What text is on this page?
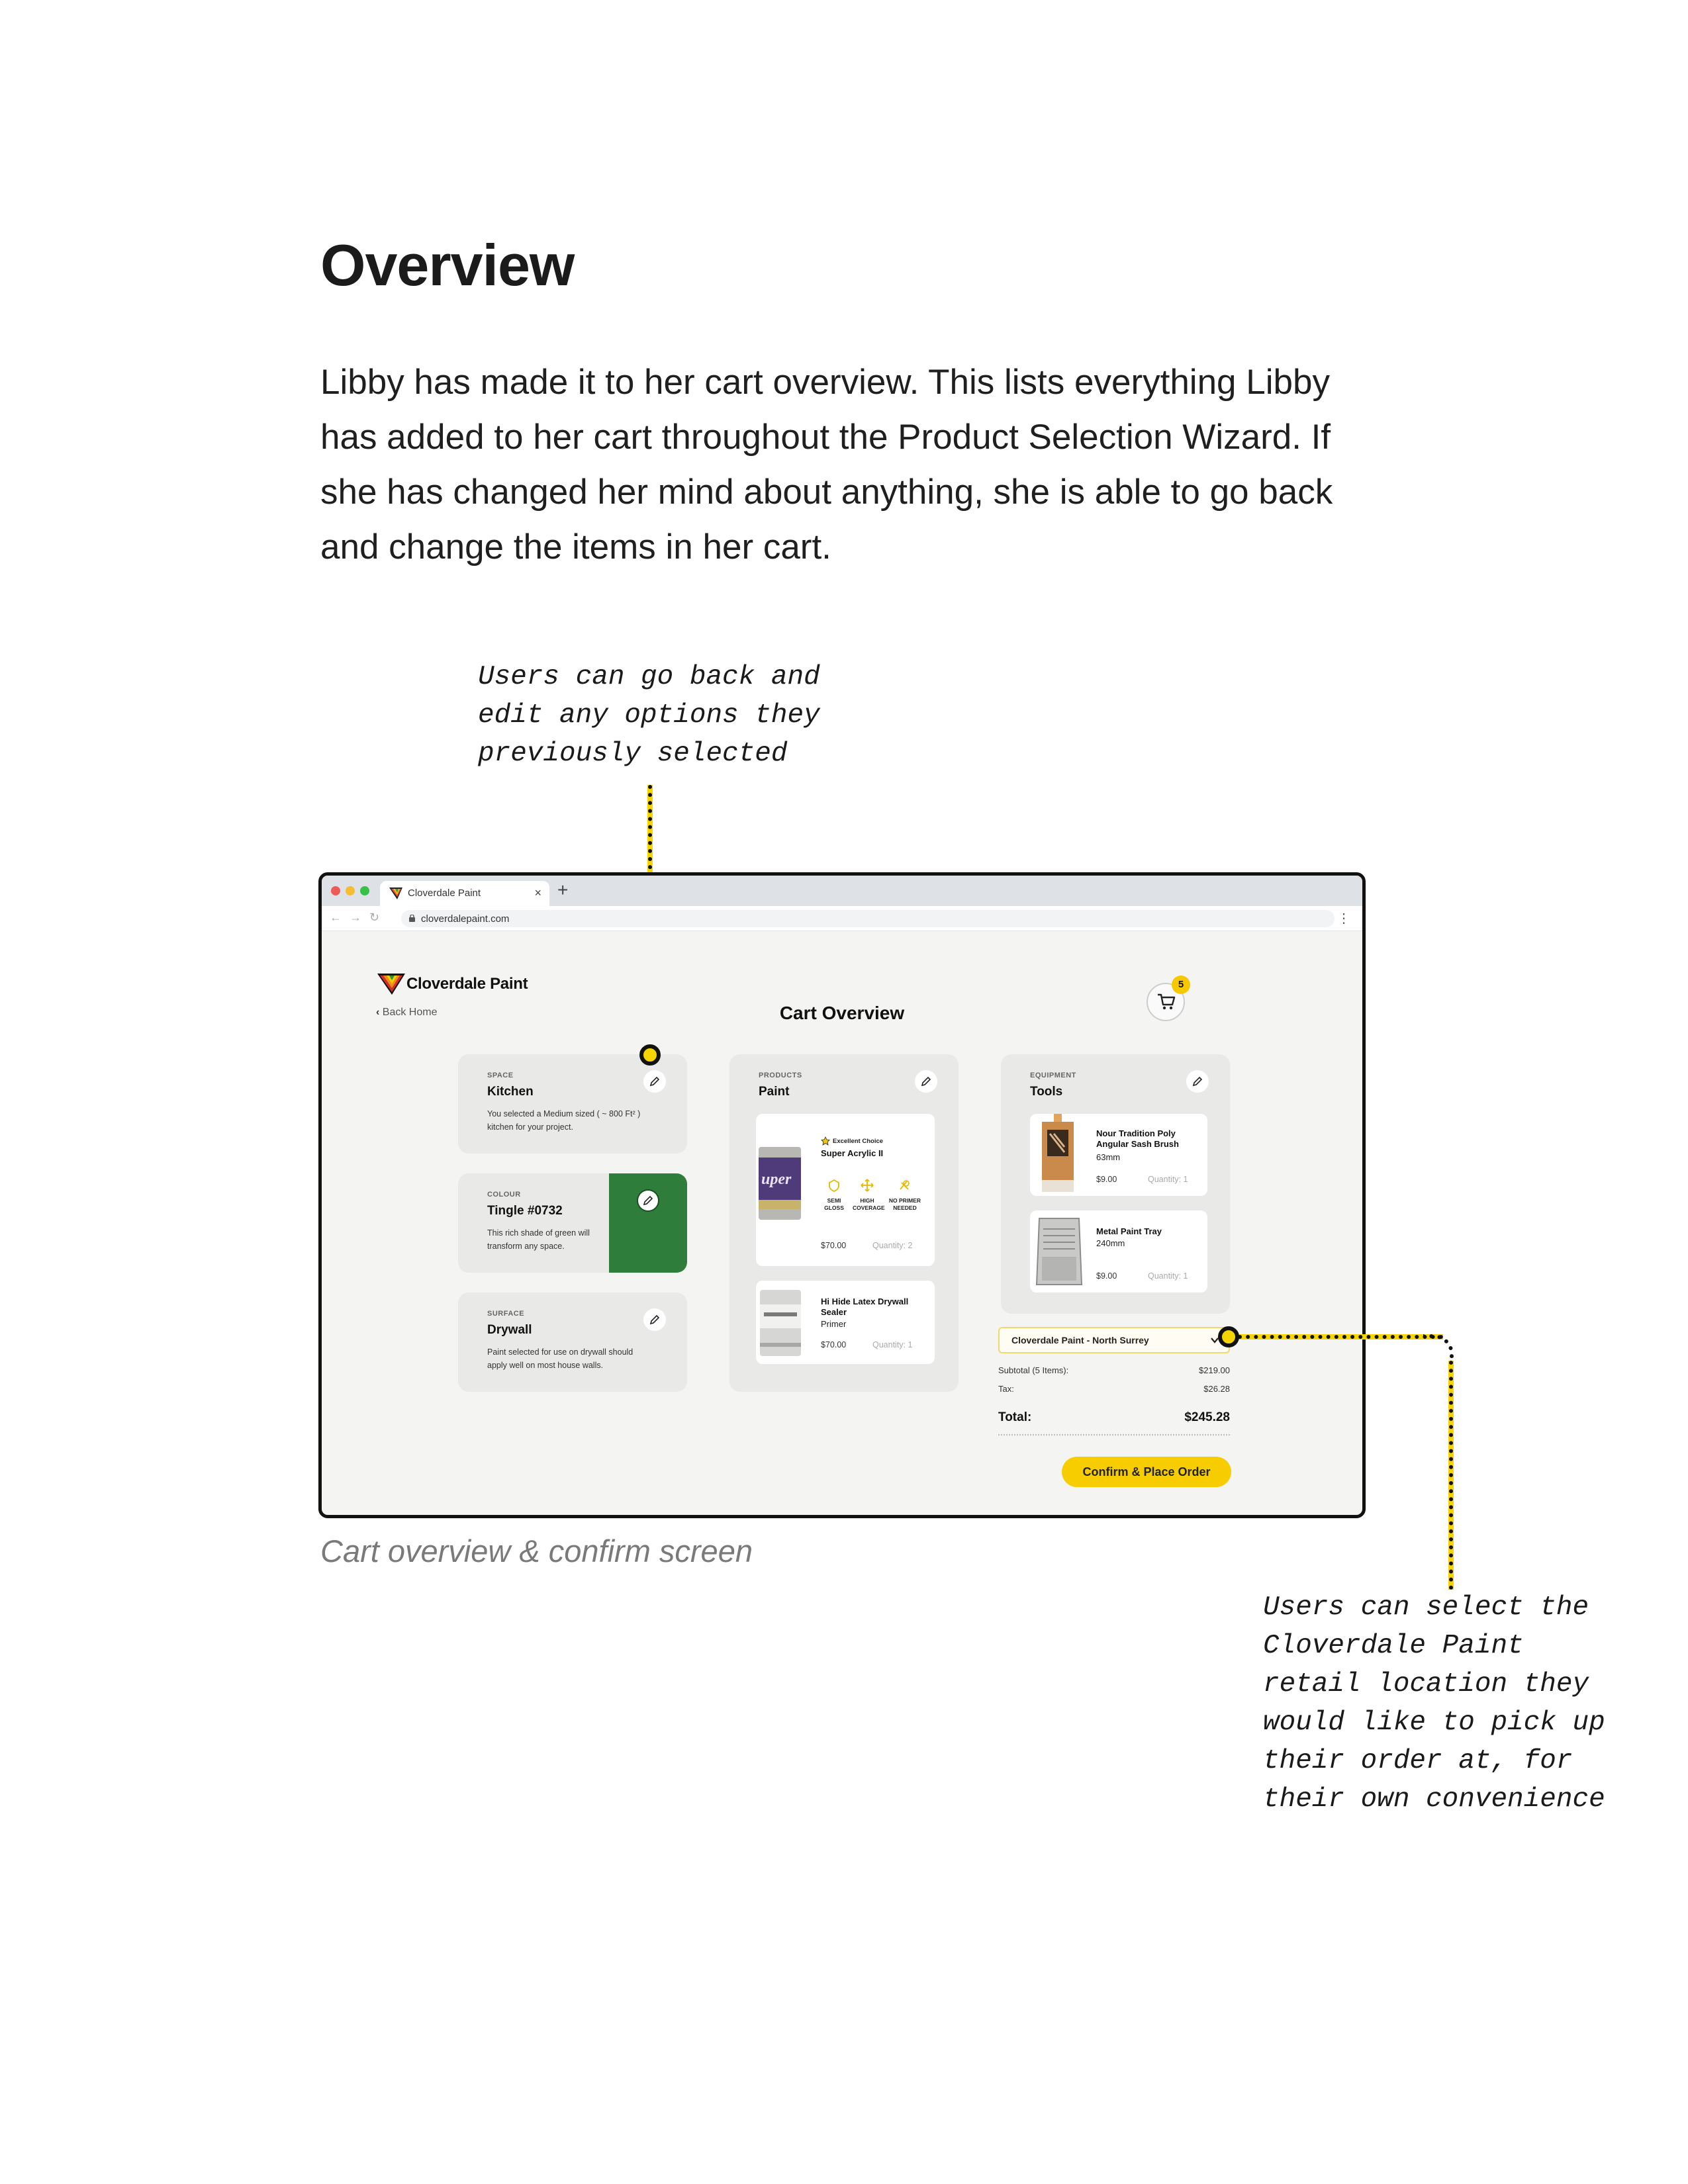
Overview
Libby has made it to her cart overview. This lists everything Libby has added to her cart throughout the Product Selection Wizard. If she has changed her mind about anything, she is able to go back and change the items in her cart.
Users can go back and
edit any options they
previously selected
Cloverdale Paint	× +
← → ↻	cloverdalepaint.com	⋮
Cloverdale Paint
‹ Back Home	Cart Overview
5
SPACE
Kitchen
You selected a Medium sized ( ~ 800 Ft² ) kitchen for your project.
COLOUR
Tingle #0732
This rich shade of green will transform any space.
SURFACE
Drywall
Paint selected for use on drywall should apply well on most house walls.
PRODUCTS
Paint
uper
Excellent Choice
Super Acrylic II
SEMI GLOSS
HIGH COVERAGE
NO PRIMER NEEDED
$70.00	Quantity: 2
Hi Hide Latex Drywall Sealer
Primer
$70.00	Quantity: 1
EQUIPMENT
Tools
Nour Tradition Poly Angular Sash Brush
63mm
$9.00	Quantity: 1
Metal Paint Tray
240mm
$9.00	Quantity: 1
Cloverdale Paint - North Surrey
Subtotal (5 Items):	$219.00
Tax:	$26.28
Total:	$245.28
Confirm & Place Order
Cart overview & confirm screen
Users can select the
Cloverdale Paint
retail location they
would like to pick up
their order at, for
their own convenience
